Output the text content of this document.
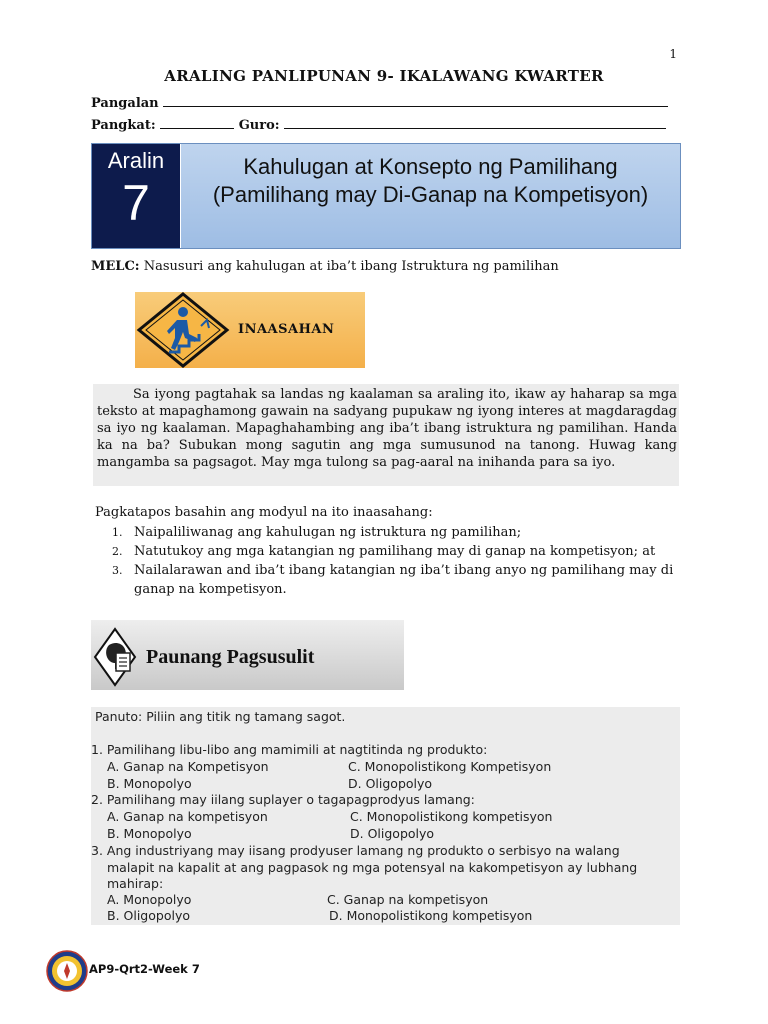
1
ARALING PANLIPUNAN 9- IKALAWANG KWARTER
Pangalan
Pangkat:	Guro:
Aralin
7
Kahulugan at Konsepto ng Pamilihang
(Pamilihang may Di-Ganap na Kompetisyon)
MELC: Nasusuri ang kahulugan at iba’t ibang Istruktura ng pamilihan
INAASAHAN
Sa iyong pagtahak sa landas ng kaalaman sa araling ito, ikaw ay haharap sa mga teksto at mapaghamong gawain na sadyang pupukaw ng iyong interes at magdaragdag sa iyo ng kaalaman. Mapaghahambing ang iba’t ibang istruktura ng pamilihan. Handa ka na ba? Subukan mong sagutin ang mga sumusunod na tanong. Huwag kang mangamba sa pagsagot. May mga tulong sa pag-aaral na inihanda para sa iyo.
Pagkatapos basahin ang modyul na ito inaasahang:
1. Naipaliliwanag ang kahulugan ng istruktura ng pamilihan;
2. Natutukoy ang mga katangian ng pamilihang may di ganap na kompetisyon; at
3. Nailalarawan and iba’t ibang katangian ng iba’t ibang anyo ng pamilihang may di ganap na kompetisyon.
Paunang Pagsusulit
Panuto: Piliin ang titik ng tamang sagot.
1. Pamilihang libu-libo ang mamimili at nagtitinda ng produkto:
A. Ganap na Kompetisyon	C. Monopolistikong Kompetisyon
B. Monopolyo	D. Oligopolyo
2. Pamilihang may iilang suplayer o tagapagprodyus lamang:
A. Ganap na kompetisyon	C. Monopolistikong kompetisyon
B. Monopolyo	D. Oligopolyo
3. Ang industriyang may iisang prodyuser lamang ng produkto o serbisyo na walang
malapit na kapalit at ang pagpasok ng mga potensyal na kakompetisyon ay lubhang
mahirap:
A. Monopolyo	C. Ganap na kompetisyon
B. Oligopolyo	D. Monopolistikong kompetisyon
AP9-Qrt2-Week 7
